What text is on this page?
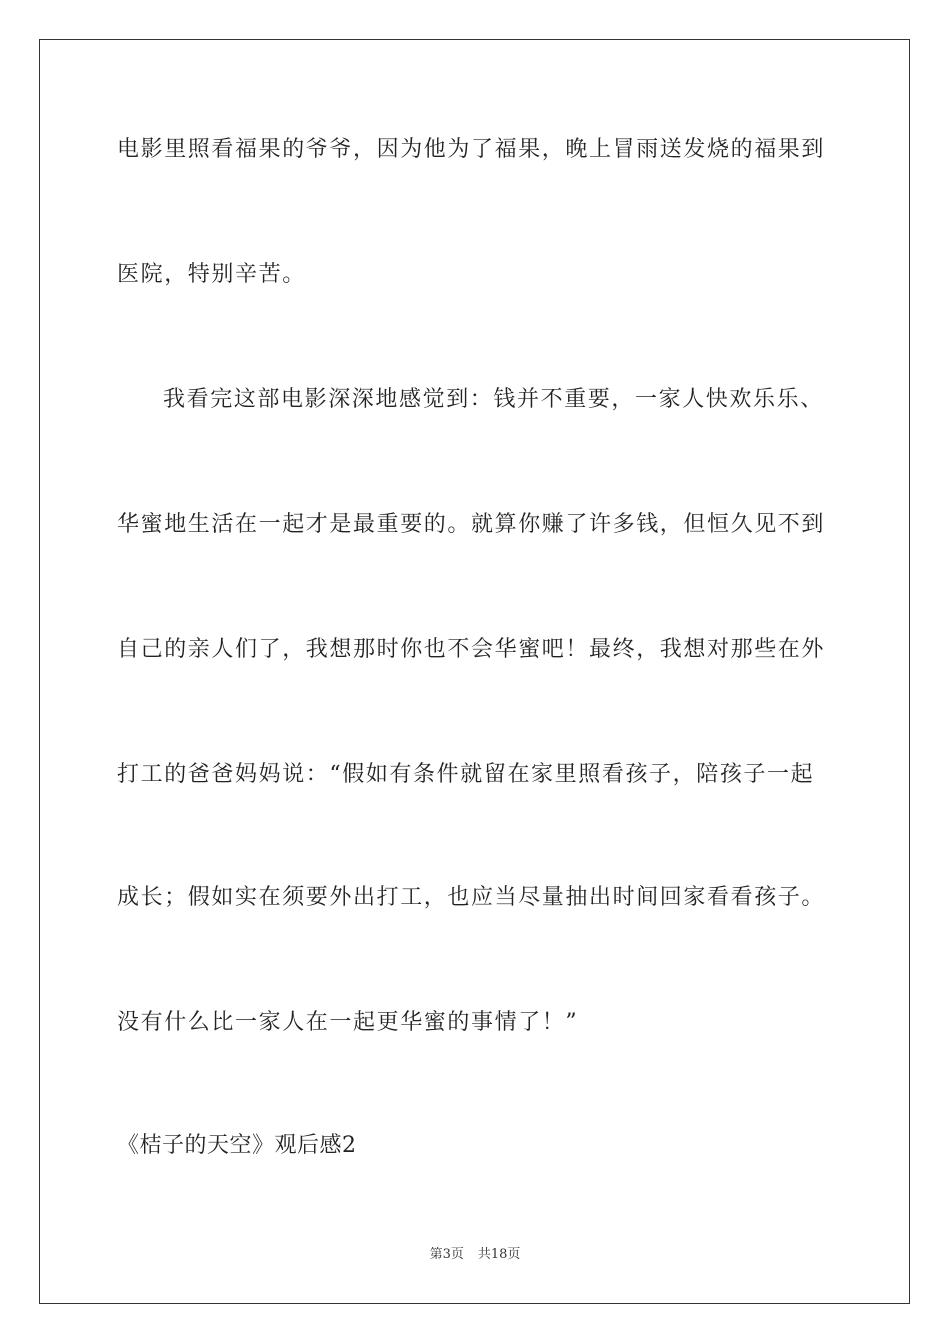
电影里照看福果的爷爷，因为他为了福果，晚上冒雨送发烧的福果到
医院，特别辛苦。
我看完这部电影深深地感觉到：钱并不重要，一家人快欢乐乐、
华蜜地生活在一起才是最重要的。就算你赚了许多钱，但恒久见不到
自己的亲人们了，我想那时你也不会华蜜吧！最终，我想对那些在外
打工的爸爸妈妈说：“假如有条件就留在家里照看孩子，陪孩子一起
成长；假如实在须要外出打工，也应当尽量抽出时间回家看看孩子。
没有什么比一家人在一起更华蜜的事情了！”
《桔子的天空》观后感2
第3页 共18页
